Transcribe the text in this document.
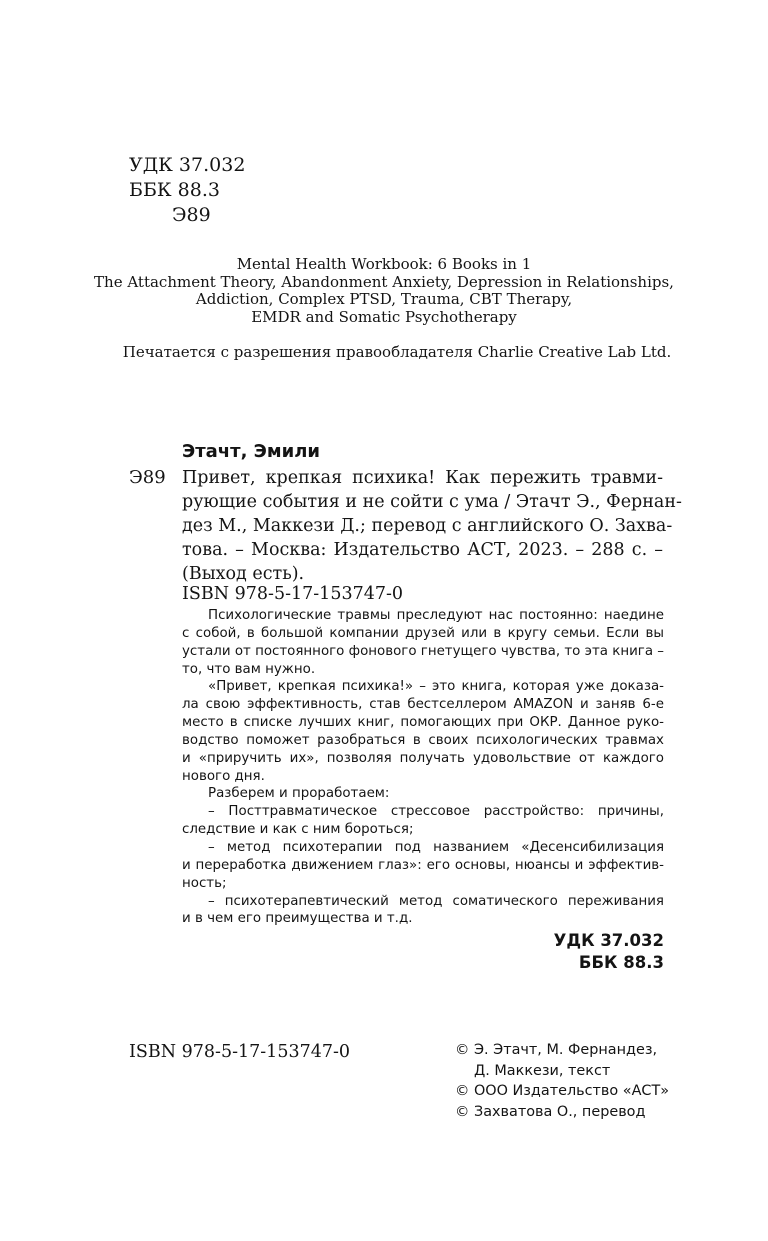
УДК 37.032
ББК 88.3
Э89
Mental Health Workbook: 6 Books in 1
The Attachment Theory, Abandonment Anxiety, Depression in Relationships,
Addiction, Complex PTSD, Trauma, CBT Therapy,
EMDR and Somatic Psychotherapy
Печатается с разрешения правообладателя Charlie Creative Lab Ltd.
Этачт, Эмили
Э89 Привет, крепкая психика! Как пережить травми-
рующие события и не сойти с ума / Этачт Э., Фернан-
дез М., Маккези Д.; перевод с английского О. Захва-
това. – Москва: Издательство АСТ, 2023. – 288 с. –
(Выход есть).
ISBN 978-5-17-153747-0
Психологические травмы преследуют нас постоянно: наедине
с собой, в большой компании друзей или в кругу семьи. Если вы
устали от постоянного фонового гнетущего чувства, то эта книга –
то, что вам нужно.
«Привет, крепкая психика!» – это книга, которая уже доказа-
ла свою эффективность, став бестселлером AMAZON и заняв 6-е
место в списке лучших книг, помогающих при ОКР. Данное руко-
водство поможет разобраться в своих психологических травмах
и «приручить их», позволяя получать удовольствие от каждого
нового дня.
Разберем и проработаем:
– Посттравматическое стрессовое расстройство: причины,
следствие и как с ним бороться;
– метод психотерапии под названием «Десенсибилизация
и переработка движением глаз»: его основы, нюансы и эффектив-
ность;
– психотерапевтический метод соматического переживания
и в чем его преимущества и т.д.
УДК 37.032
ББК 88.3
ISBN 978-5-17-153747-0	© Э. Этачт, М. Фернандез,
Д. Маккези, текст
© ООО Издательство «АСТ»
© Захватова О., перевод
